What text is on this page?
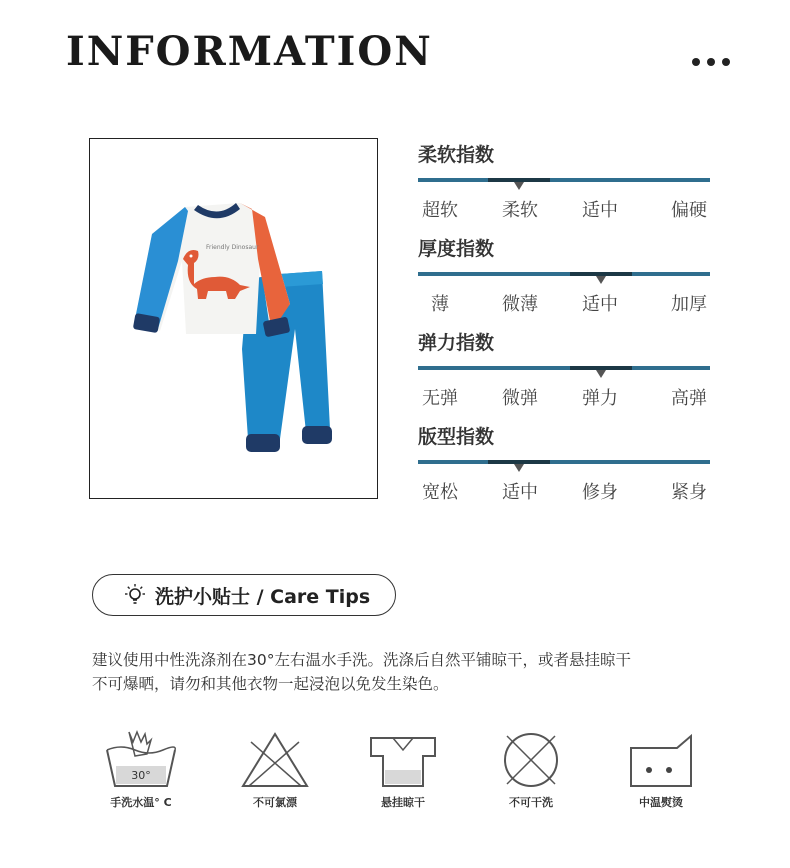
INFORMATION
Friendly Dinosaur
柔软指数
超软 柔软 适中	偏硬
厚度指数
薄	微薄 适中	加厚
弹力指数
无弹 微弹 弹力	高弹
版型指数
宽松 适中 修身	紧身
洗护小贴士 / Care Tips
建议使用中性洗涤剂在30°左右温水手洗。洗涤后自然平铺晾干，或者悬挂晾干
不可爆晒，请勿和其他衣物一起浸泡以免发生染色。
30°
手洗水温° C	不可氯漂	悬挂晾干	不可干洗	中温熨烫
